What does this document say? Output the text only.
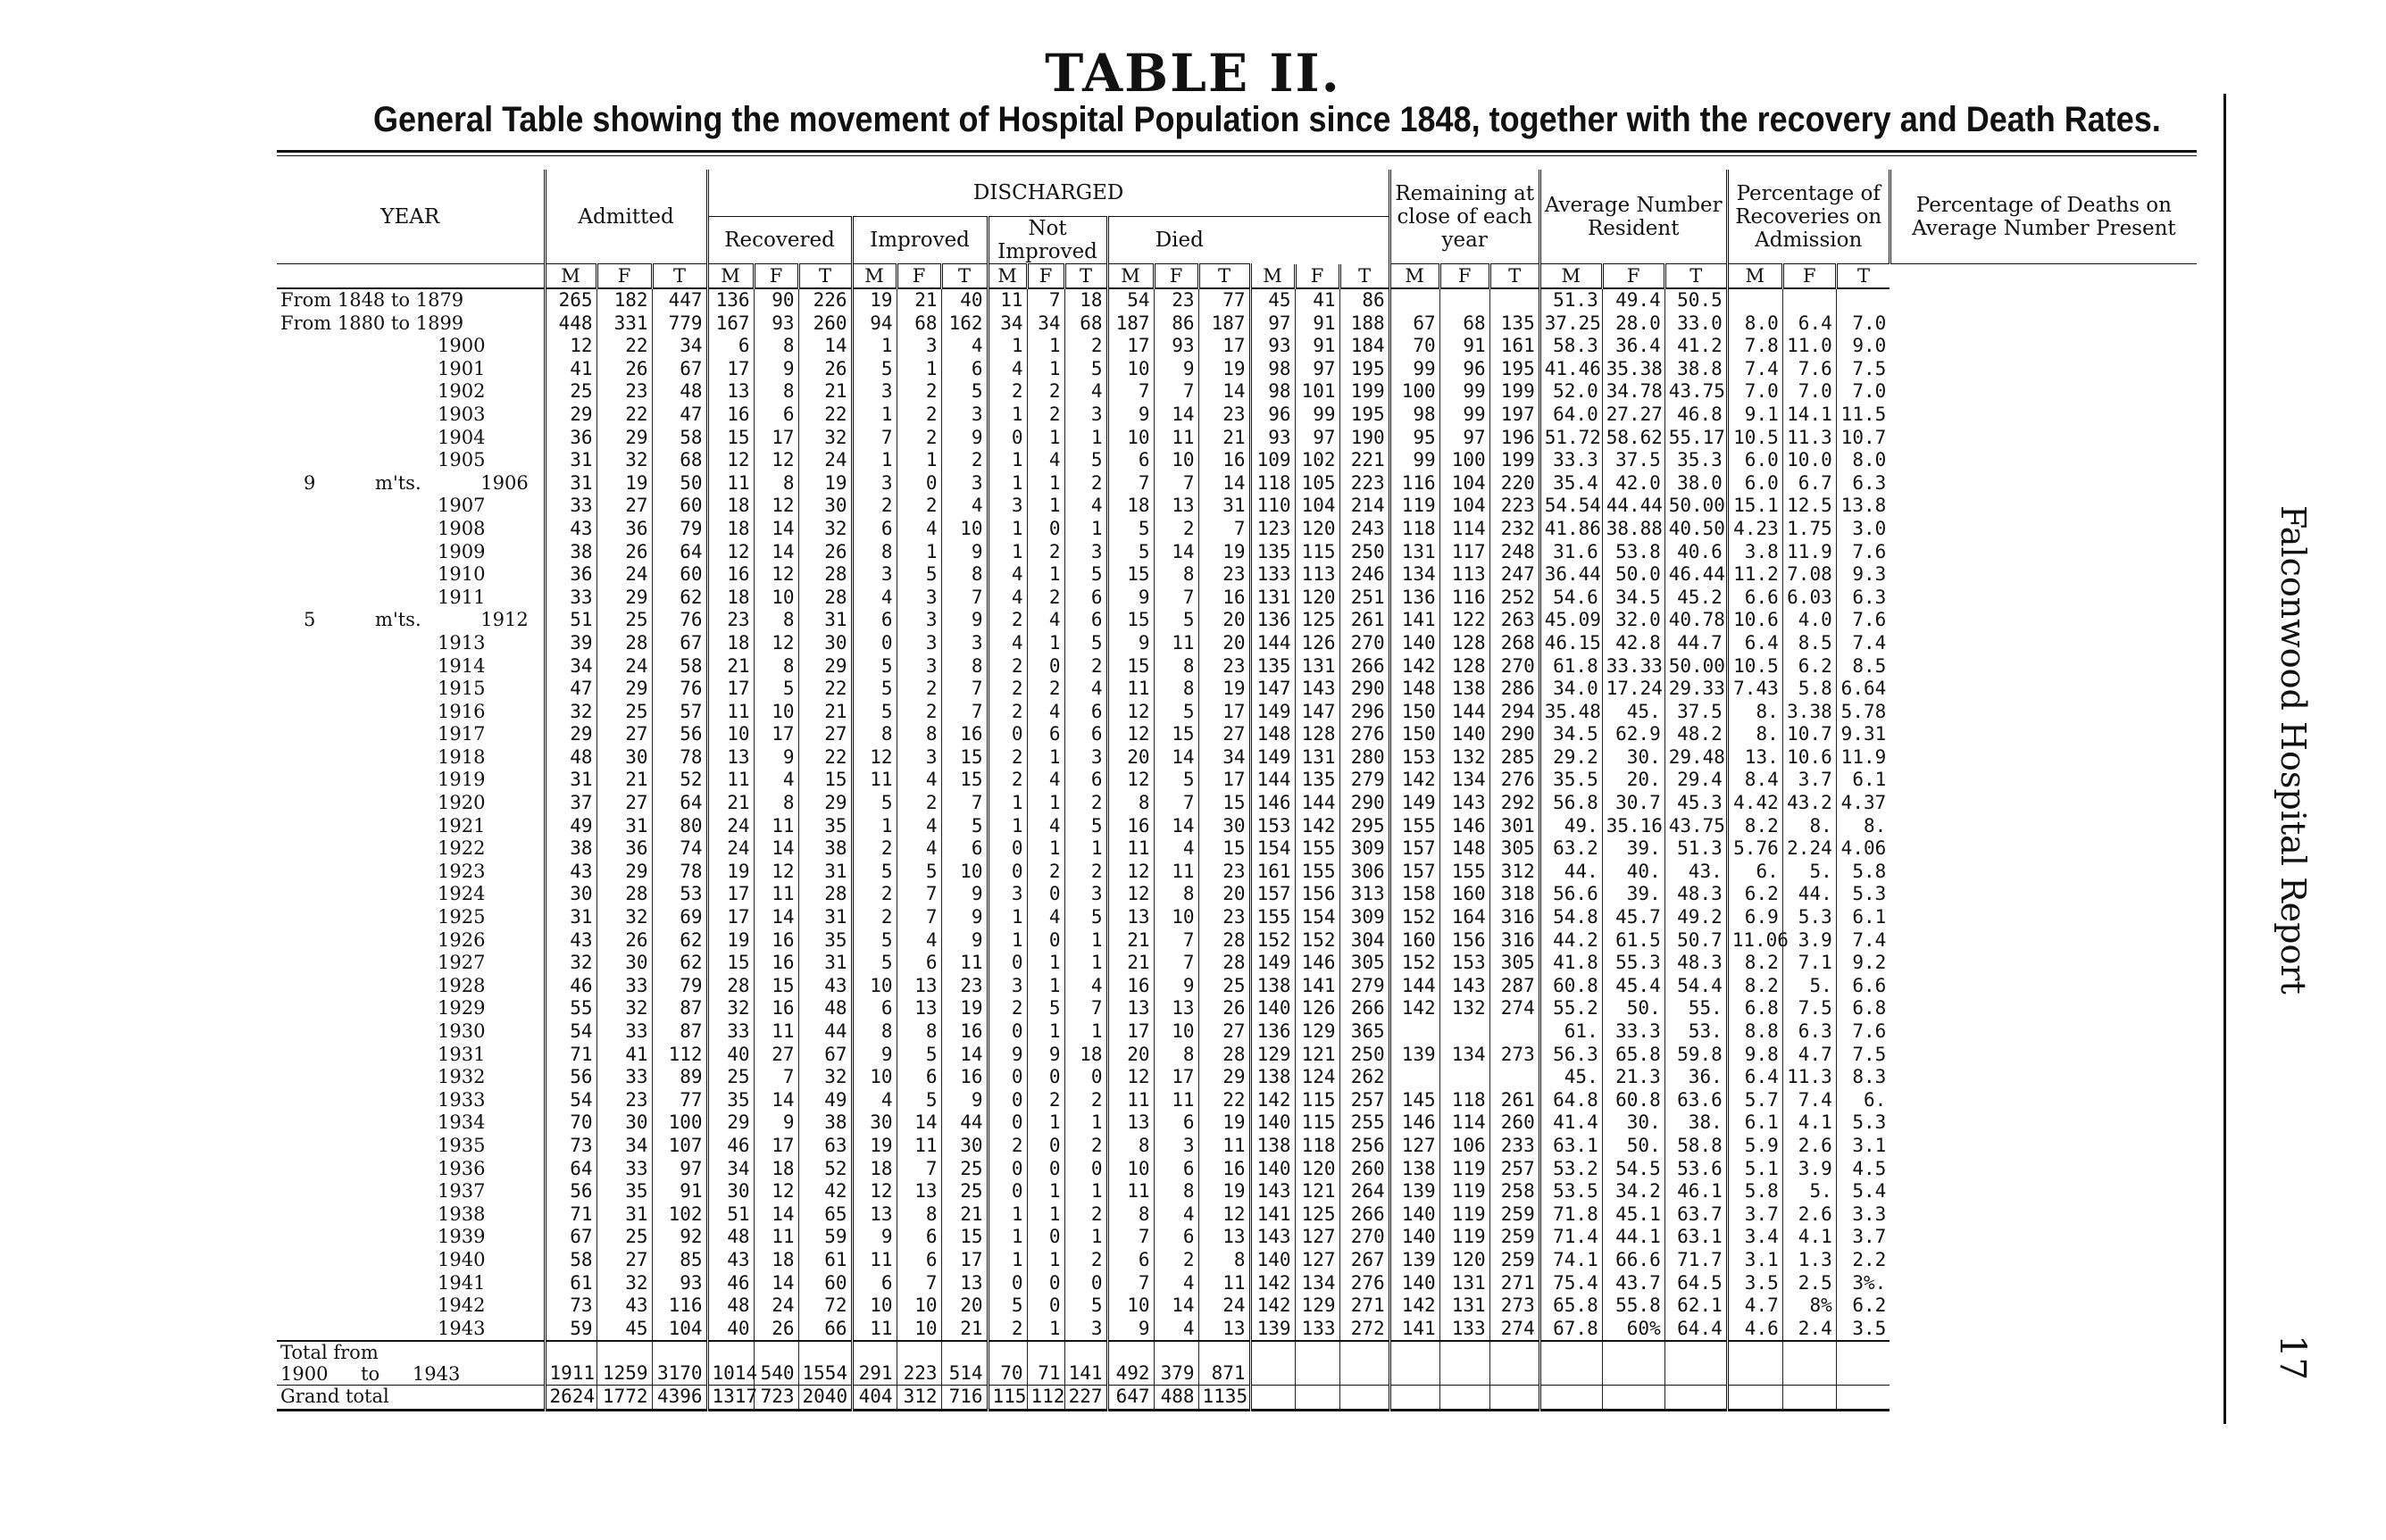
TABLE II.
General Table showing the movement of Hospital Population since 1848, together with the recovery and Death Rates.
Falconwood Hospital Report
17
YEAR	Admitted			DISCHARGED															Remaining at close of each year			Average Number Resident			Percentage of Recoveries on Admission			Percentage of Deaths on Average Number Present
				Recovered			Improved			Not Improved			Died															
	M	F	T	M	F	T	M	F	T	M	F	T	M	F	T	M	F	T	M	F	T	M	F	T	M	F	T	
From 1848 to 1879	265	182	447	136	90	226	19	21	40	11	7	18	54	23	77	45	41	86				51.3	49.4	50.5				
From 1880 to 1899	448	331	779	167	93	260	94	68	162	34	34	68	187	86	187	97	91	188	67	68	135	37.25	28.0	33.0	8.0	6.4	7.0	
1900	12	22	34	6	8	14	1	3	4	1	1	2	17	93	17	93	91	184	70	91	161	58.3	36.4	41.2	7.8	11.0	9.0	
1901	41	26	67	17	9	26	5	1	6	4	1	5	10	9	19	98	97	195	99	96	195	41.46	35.38	38.8	7.4	7.6	7.5	
1902	25	23	48	13	8	21	3	2	5	2	2	4	7	7	14	98	101	199	100	99	199	52.0	34.78	43.75	7.0	7.0	7.0	
1903	29	22	47	16	6	22	1	2	3	1	2	3	9	14	23	96	99	195	98	99	197	64.0	27.27	46.8	9.1	14.1	11.5	
1904	36	29	58	15	17	32	7	2	9	0	1	1	10	11	21	93	97	190	95	97	196	51.72	58.62	55.17	10.5	11.3	10.7	
1905	31	32	68	12	12	24	1	1	2	1	4	5	6	10	16	109	102	221	99	100	199	33.3	37.5	35.3	6.0	10.0	8.0	
9 m'ts. 1906	31	19	50	11	8	19	3	0	3	1	1	2	7	7	14	118	105	223	116	104	220	35.4	42.0	38.0	6.0	6.7	6.3	
1907	33	27	60	18	12	30	2	2	4	3	1	4	18	13	31	110	104	214	119	104	223	54.54	44.44	50.00	15.1	12.5	13.8	
1908	43	36	79	18	14	32	6	4	10	1	0	1	5	2	7	123	120	243	118	114	232	41.86	38.88	40.50	4.23	1.75	3.0	
1909	38	26	64	12	14	26	8	1	9	1	2	3	5	14	19	135	115	250	131	117	248	31.6	53.8	40.6	3.8	11.9	7.6	
1910	36	24	60	16	12	28	3	5	8	4	1	5	15	8	23	133	113	246	134	113	247	36.44	50.0	46.44	11.2	7.08	9.3	
1911	33	29	62	18	10	28	4	3	7	4	2	6	9	7	16	131	120	251	136	116	252	54.6	34.5	45.2	6.6	6.03	6.3	
5 m'ts. 1912	51	25	76	23	8	31	6	3	9	2	4	6	15	5	20	136	125	261	141	122	263	45.09	32.0	40.78	10.6	4.0	7.6	
1913	39	28	67	18	12	30	0	3	3	4	1	5	9	11	20	144	126	270	140	128	268	46.15	42.8	44.7	6.4	8.5	7.4	
1914	34	24	58	21	8	29	5	3	8	2	0	2	15	8	23	135	131	266	142	128	270	61.8	33.33	50.00	10.5	6.2	8.5	
1915	47	29	76	17	5	22	5	2	7	2	2	4	11	8	19	147	143	290	148	138	286	34.0	17.24	29.33	7.43	5.8	6.64	
1916	32	25	57	11	10	21	5	2	7	2	4	6	12	5	17	149	147	296	150	144	294	35.48	45.	37.5	8.	3.38	5.78	
1917	29	27	56	10	17	27	8	8	16	0	6	6	12	15	27	148	128	276	150	140	290	34.5	62.9	48.2	8.	10.7	9.31	
1918	48	30	78	13	9	22	12	3	15	2	1	3	20	14	34	149	131	280	153	132	285	29.2	30.	29.48	13.	10.6	11.9	
1919	31	21	52	11	4	15	11	4	15	2	4	6	12	5	17	144	135	279	142	134	276	35.5	20.	29.4	8.4	3.7	6.1	
1920	37	27	64	21	8	29	5	2	7	1	1	2	8	7	15	146	144	290	149	143	292	56.8	30.7	45.3	4.42	43.2	4.37	
1921	49	31	80	24	11	35	1	4	5	1	4	5	16	14	30	153	142	295	155	146	301	49.	35.16	43.75	8.2	8.	8.	
1922	38	36	74	24	14	38	2	4	6	0	1	1	11	4	15	154	155	309	157	148	305	63.2	39.	51.3	5.76	2.24	4.06	
1923	43	29	78	19	12	31	5	5	10	0	2	2	12	11	23	161	155	306	157	155	312	44.	40.	43.	6.	5.	5.8	
1924	30	28	53	17	11	28	2	7	9	3	0	3	12	8	20	157	156	313	158	160	318	56.6	39.	48.3	6.2	44.	5.3	
1925	31	32	69	17	14	31	2	7	9	1	4	5	13	10	23	155	154	309	152	164	316	54.8	45.7	49.2	6.9	5.3	6.1	
1926	43	26	62	19	16	35	5	4	9	1	0	1	21	7	28	152	152	304	160	156	316	44.2	61.5	50.7	11.06	3.9	7.4	
1927	32	30	62	15	16	31	5	6	11	0	1	1	21	7	28	149	146	305	152	153	305	41.8	55.3	48.3	8.2	7.1	9.2	
1928	46	33	79	28	15	43	10	13	23	3	1	4	16	9	25	138	141	279	144	143	287	60.8	45.4	54.4	8.2	5.	6.6	
1929	55	32	87	32	16	48	6	13	19	2	5	7	13	13	26	140	126	266	142	132	274	55.2	50.	55.	6.8	7.5	6.8	
1930	54	33	87	33	11	44	8	8	16	0	1	1	17	10	27	136	129	365				61.	33.3	53.	8.8	6.3	7.6	
1931	71	41	112	40	27	67	9	5	14	9	9	18	20	8	28	129	121	250	139	134	273	56.3	65.8	59.8	9.8	4.7	7.5	
1932	56	33	89	25	7	32	10	6	16	0	0	0	12	17	29	138	124	262				45.	21.3	36.	6.4	11.3	8.3	
1933	54	23	77	35	14	49	4	5	9	0	2	2	11	11	22	142	115	257	145	118	261	64.8	60.8	63.6	5.7	7.4	6.	
1934	70	30	100	29	9	38	30	14	44	0	1	1	13	6	19	140	115	255	146	114	260	41.4	30.	38.	6.1	4.1	5.3	
1935	73	34	107	46	17	63	19	11	30	2	0	2	8	3	11	138	118	256	127	106	233	63.1	50.	58.8	5.9	2.6	3.1	
1936	64	33	97	34	18	52	18	7	25	0	0	0	10	6	16	140	120	260	138	119	257	53.2	54.5	53.6	5.1	3.9	4.5	
1937	56	35	91	30	12	42	12	13	25	0	1	1	11	8	19	143	121	264	139	119	258	53.5	34.2	46.1	5.8	5.	5.4	
1938	71	31	102	51	14	65	13	8	21	1	1	2	8	4	12	141	125	266	140	119	259	71.8	45.1	63.7	3.7	2.6	3.3	
1939	67	25	92	48	11	59	9	6	15	1	0	1	7	6	13	143	127	270	140	119	259	71.4	44.1	63.1	3.4	4.1	3.7	
1940	58	27	85	43	18	61	11	6	17	1	1	2	6	2	8	140	127	267	139	120	259	74.1	66.6	71.7	3.1	1.3	2.2	
1941	61	32	93	46	14	60	6	7	13	0	0	0	7	4	11	142	134	276	140	131	271	75.4	43.7	64.5	3.5	2.5	3%.	
1942	73	43	116	48	24	72	10	10	20	5	0	5	10	14	24	142	129	271	142	131	273	65.8	55.8	62.1	4.7	8%	6.2	
1943	59	45	104	40	26	66	11	10	21	2	1	3	9	4	13	139	133	272	141	133	274	67.8	60%	64.4	4.6	2.4	3.5	

Total from
1900 to 1943	1911	1259	3170	1014	540	1554	291	223	514	70	71	141	492	379	871													
Grand total	2624	1772	4396	1317	723	2040	404	312	716	115	112	227	647	488	1135													
